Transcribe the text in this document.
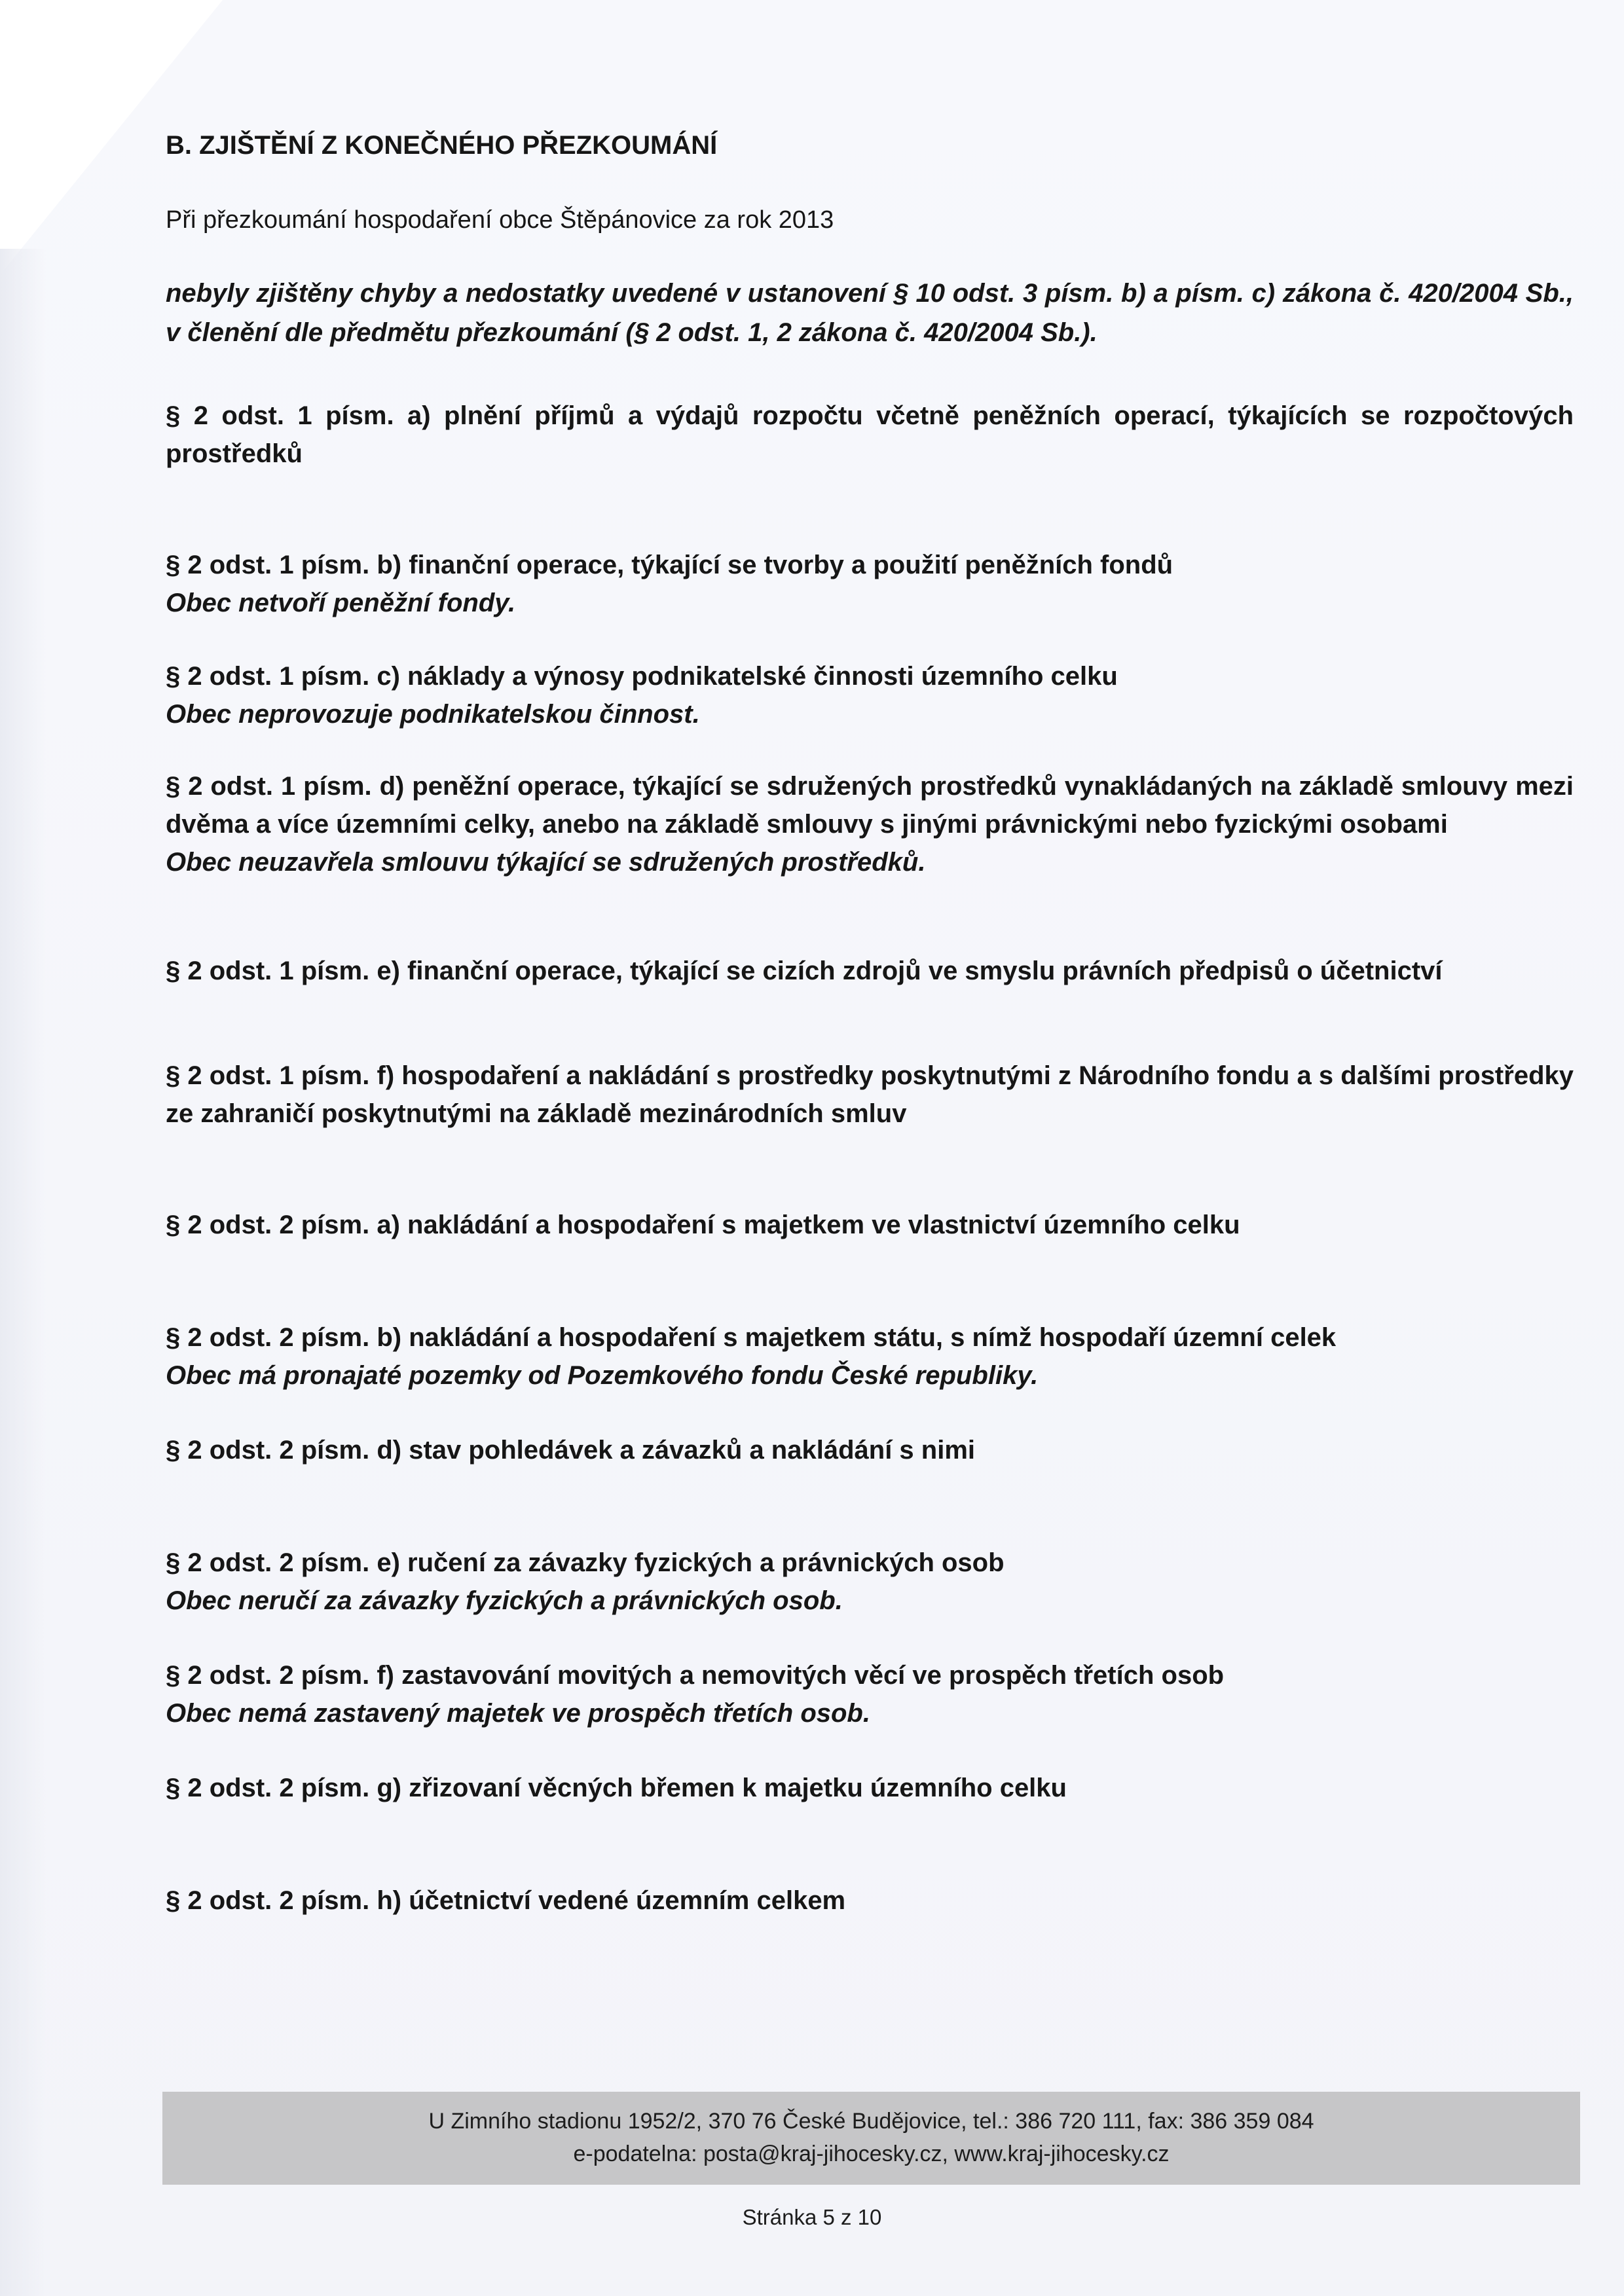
B. ZJIŠTĚNÍ Z KONEČNÉHO PŘEZKOUMÁNÍ
Při přezkoumání hospodaření obce Štěpánovice za rok 2013
nebyly zjištěny chyby a nedostatky uvedené v ustanovení § 10 odst. 3 písm. b) a písm. c) zákona č. 420/2004 Sb., v členění dle předmětu přezkoumání (§ 2 odst. 1, 2 zákona č. 420/2004 Sb.).

§ 2 odst. 1 písm. a) plnění příjmů a výdajů rozpočtu včetně peněžních operací, týkajících se rozpočtových prostředků

§ 2 odst. 1 písm. b) finanční operace, týkající se tvorby a použití peněžních fondů

Obec netvoří peněžní fondy.

§ 2 odst. 1 písm. c) náklady a výnosy podnikatelské činnosti územního celku

Obec neprovozuje podnikatelskou činnost.

§ 2 odst. 1 písm. d) peněžní operace, týkající se sdružených prostředků vynakládaných na základě smlouvy mezi dvěma a více územními celky, anebo na základě smlouvy s jinými právnickými nebo fyzickými osobami

Obec neuzavřela smlouvu týkající se sdružených prostředků.

§ 2 odst. 1 písm. e) finanční operace, týkající se cizích zdrojů ve smyslu právních předpisů o účetnictví

§ 2 odst. 1 písm. f) hospodaření a nakládání s prostředky poskytnutými z Národního fondu a s dalšími prostředky ze zahraničí poskytnutými na základě mezinárodních smluv

§ 2 odst. 2 písm. a) nakládání a hospodaření s majetkem ve vlastnictví územního celku

§ 2 odst. 2 písm. b) nakládání a hospodaření s majetkem státu, s nímž hospodaří územní celek

Obec má pronajaté pozemky od Pozemkového fondu České republiky.

§ 2 odst. 2 písm. d) stav pohledávek a závazků a nakládání s nimi

§ 2 odst. 2 písm. e) ručení za závazky fyzických a právnických osob

Obec neručí za závazky fyzických a právnických osob.

§ 2 odst. 2 písm. f) zastavování movitých a nemovitých věcí ve prospěch třetích osob

Obec nemá zastavený majetek ve prospěch třetích osob.

§ 2 odst. 2 písm. g) zřizovaní věcných břemen k majetku územního celku

§ 2 odst. 2 písm. h) účetnictví vedené územním celkem

U Zimního stadionu 1952/2, 370 76 České Budějovice, tel.: 386 720 111, fax: 386 359 084
e-podatelna: posta@kraj-jihocesky.cz, www.kraj-jihocesky.cz
Stránka 5 z 10
